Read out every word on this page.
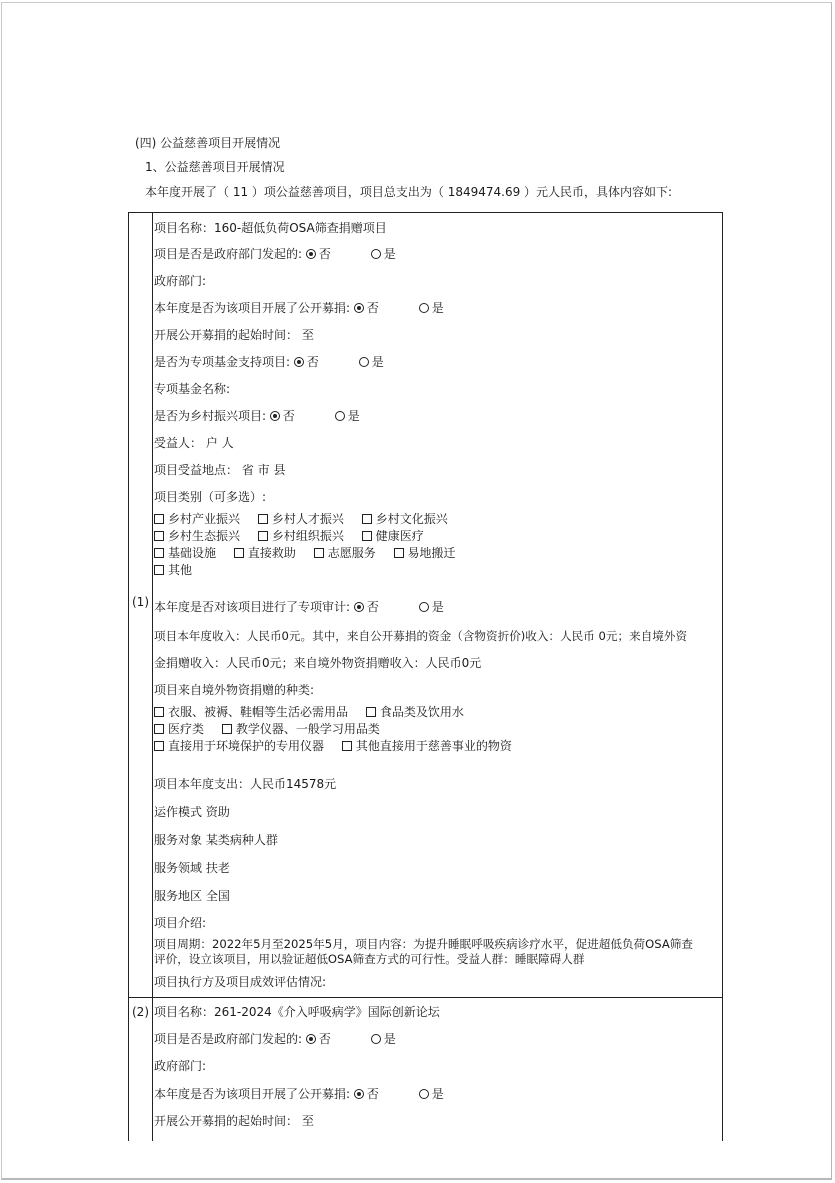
(四) 公益慈善项目开展情况
1、公益慈善项目开展情况
本年度开展了（ 11 ）项公益慈善项目，项目总支出为（ 1849474.69 ）元人民币，具体内容如下:
(1)
项目名称：160-超低负荷OSA筛查捐赠项目
项目是否是政府部门发起的: 否	是
政府部门:
本年度是否为该项目开展了公开募捐: 否	是
开展公开募捐的起始时间： 至
是否为专项基金支持项目: 否	是
专项基金名称:
是否为乡村振兴项目: 否	是
受益人： 户 人
项目受益地点： 省 市 县
项目类别（可多选）:
乡村产业振兴	乡村人才振兴	乡村文化振兴
乡村生态振兴	乡村组织振兴	健康医疗
基础设施	直接救助	志愿服务	易地搬迁
其他
本年度是否对该项目进行了专项审计: 否	是
项目本年度收入：人民币0元。其中，来自公开募捐的资金（含物资折价)收入：人民币 0元；来自境外资
金捐赠收入：人民币0元；来自境外物资捐赠收入：人民币0元
项目来自境外物资捐赠的种类:
衣服、被褥、鞋帽等生活必需用品	食品类及饮用水
医疗类	教学仪器、一般学习用品类
直接用于环境保护的专用仪器	其他直接用于慈善事业的物资
项目本年度支出：人民币14578元
运作模式 资助
服务对象 某类病种人群
服务领域 扶老
服务地区 全国
项目介绍:
项目周期：2022年5月至2025年5月，项目内容：为提升睡眠呼吸疾病诊疗水平，促进超低负荷OSA筛查
评价，设立该项目，用以验证超低OSA筛查方式的可行性。受益人群：睡眠障碍人群
项目执行方及项目成效评估情况:
(2) 项目名称：261-2024《介入呼吸病学》国际创新论坛
项目是否是政府部门发起的: 否	是
政府部门:
本年度是否为该项目开展了公开募捐: 否	是
开展公开募捐的起始时间： 至
